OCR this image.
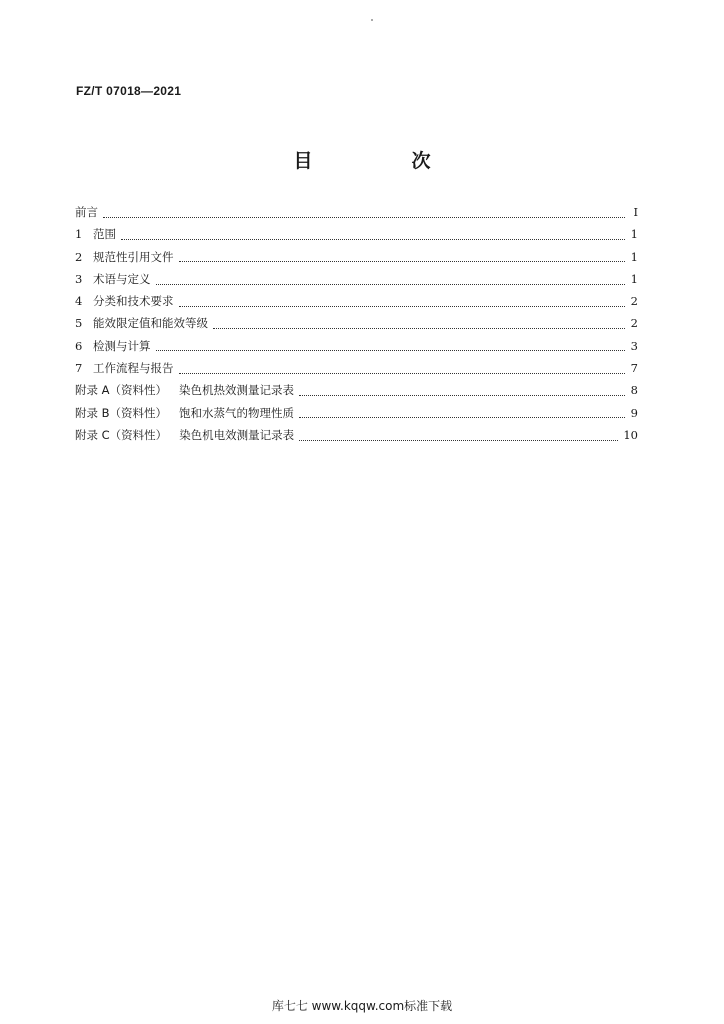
FZ/T 07018—2021
目　次
前言	Ⅰ
1 范围	1
2 规范性引用文件	1
3 术语与定义	1
4 分类和技术要求	2
5 能效限定值和能效等级	2
6 检测与计算	3
7 工作流程与报告	7
附录 A（资料性） 染色机热效测量记录表	8
附录 B（资料性） 饱和水蒸气的物理性质	9
附录 C（资料性） 染色机电效测量记录表	10
库七七 www.kqqw.com标准下载
